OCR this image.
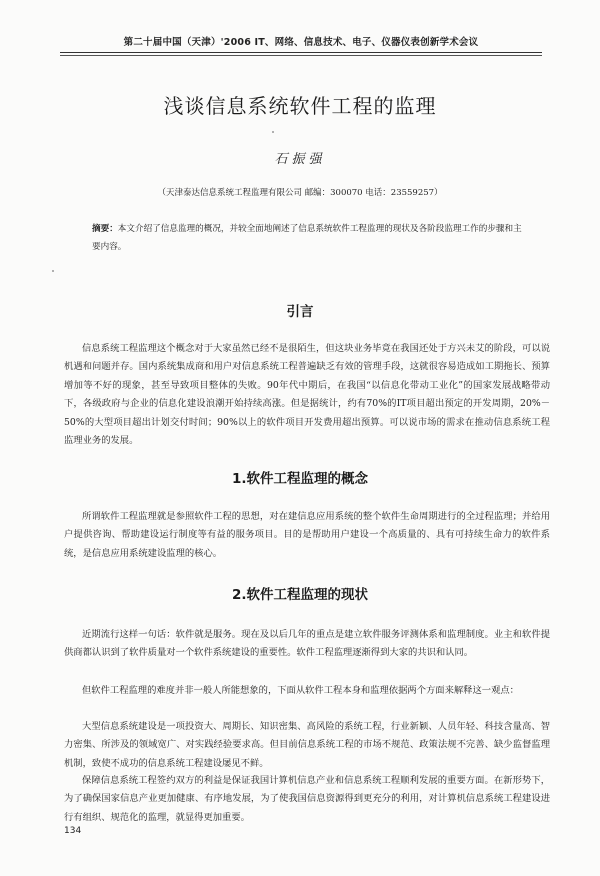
第二十届中国（天津）'2006 IT、网络、信息技术、电子、仪器仪表创新学术会议
浅谈信息系统软件工程的监理
石振强
（天津泰达信息系统工程监理有限公司 邮编：300070 电话：23559257）
摘要：本文介绍了信息监理的概况，并较全面地阐述了信息系统软件工程监理的现状及各阶段监理工作的步骤和主要内容。
引言
信息系统工程监理这个概念对于大家虽然已经不是很陌生，但这块业务毕竟在我国还处于方兴未艾的阶段，可以说机遇和问题并存。国内系统集成商和用户对信息系统工程普遍缺乏有效的管理手段，这就很容易造成如工期拖长、预算增加等不好的现象，甚至导致项目整体的失败。90年代中期后，在我国“以信息化带动工业化”的国家发展战略带动下，各级政府与企业的信息化建设浪潮开始持续高涨。但是据统计，约有70%的IT项目超出预定的开发周期，20%－50%的大型项目超出计划交付时间；90%以上的软件项目开发费用超出预算。可以说市场的需求在推动信息系统工程监理业务的发展。
1.软件工程监理的概念
所谓软件工程监理就是参照软件工程的思想，对在建信息应用系统的整个软件生命周期进行的全过程监理；并给用户提供咨询、帮助建设运行制度等有益的服务项目。目的是帮助用户建设一个高质量的、具有可持续生命力的软件系统，是信息应用系统建设监理的核心。
2.软件工程监理的现状
近期流行这样一句话：软件就是服务。现在及以后几年的重点是建立软件服务评测体系和监理制度。业主和软件提供商都认识到了软件质量对一个软件系统建设的重要性。软件工程监理逐渐得到大家的共识和认同。
但软件工程监理的难度并非一般人所能想象的，下面从软件工程本身和监理依据两个方面来解释这一观点：
大型信息系统建设是一项投资大、周期长、知识密集、高风险的系统工程，行业新颖、人员年轻、科技含量高、智力密集、所涉及的领域宽广、对实践经验要求高。但目前信息系统工程的市场不规范、政策法规不完善、缺少监督监理机制，致使不成功的信息系统工程建设屡见不鲜。
保障信息系统工程签约双方的利益是保证我国计算机信息产业和信息系统工程顺利发展的重要方面。在新形势下，为了确保国家信息产业更加健康、有序地发展，为了使我国信息资源得到更充分的利用，对计算机信息系统工程建设进行有组织、规范化的监理，就显得更加重要。
134
